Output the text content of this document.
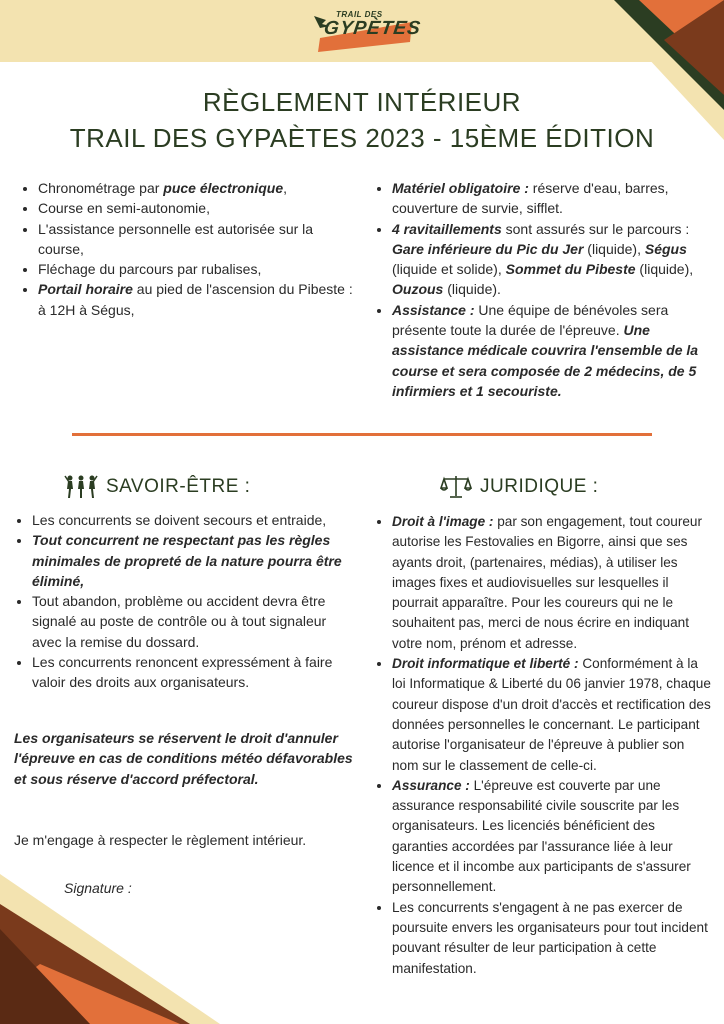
TRAIL DES
GYPÈTES
RÈGLEMENT INTÉRIEUR
TRAIL DES GYPAÈTES 2023 - 15ÈME ÉDITION
• Chronométrage par puce électronique,
• Course en semi-autonomie,
• L'assistance personnelle est autorisée sur la course,
• Fléchage du parcours par rubalises,
• Portail horaire au pied de l'ascension du Pibeste : à 12H à Ségus,
• Matériel obligatoire : réserve d'eau, barres, couverture de survie, sifflet.
• 4 ravitaillements sont assurés sur le parcours : Gare inférieure du Pic du Jer (liquide), Ségus (liquide et solide), Sommet du Pibeste (liquide), Ouzous (liquide).
• Assistance : Une équipe de bénévoles sera présente toute la durée de l'épreuve. Une assistance médicale couvrira l'ensemble de la course et sera composée de 2 médecins, de 5 infirmiers et 1 secouriste.
SAVOIR-ÊTRE :	JURIDIQUE :
• Les concurrents se doivent secours et entraide,
• Tout concurrent ne respectant pas les règles minimales de propreté de la nature pourra être éliminé,
• Tout abandon, problème ou accident devra être signalé au poste de contrôle ou à tout signaleur avec la remise du dossard.
• Les concurrents renoncent expressément à faire valoir des droits aux organisateurs.
Les organisateurs se réservent le droit d'annuler l'épreuve en cas de conditions météo défavorables et sous réserve d'accord préfectoral.
Je m'engage à respecter le règlement intérieur.
Signature :
• Droit à l'image : par son engagement, tout coureur autorise les Festovalies en Bigorre, ainsi que ses ayants droit, (partenaires, médias), à utiliser les images fixes et audiovisuelles sur lesquelles il pourrait apparaître. Pour les coureurs qui ne le souhaitent pas, merci de nous écrire en indiquant votre nom, prénom et adresse.
• Droit informatique et liberté : Conformément à la loi Informatique & Liberté du 06 janvier 1978, chaque coureur dispose d'un droit d'accès et rectification des données personnelles le concernant. Le participant autorise l'organisateur de l'épreuve à publier son nom sur le classement de celle-ci.
• Assurance : L'épreuve est couverte par une assurance responsabilité civile souscrite par les organisateurs. Les licenciés bénéficient des garanties accordées par l'assurance liée à leur licence et il incombe aux participants de s'assurer personnellement.
• Les concurrents s'engagent à ne pas exercer de poursuite envers les organisateurs pour tout incident pouvant résulter de leur participation à cette manifestation.
